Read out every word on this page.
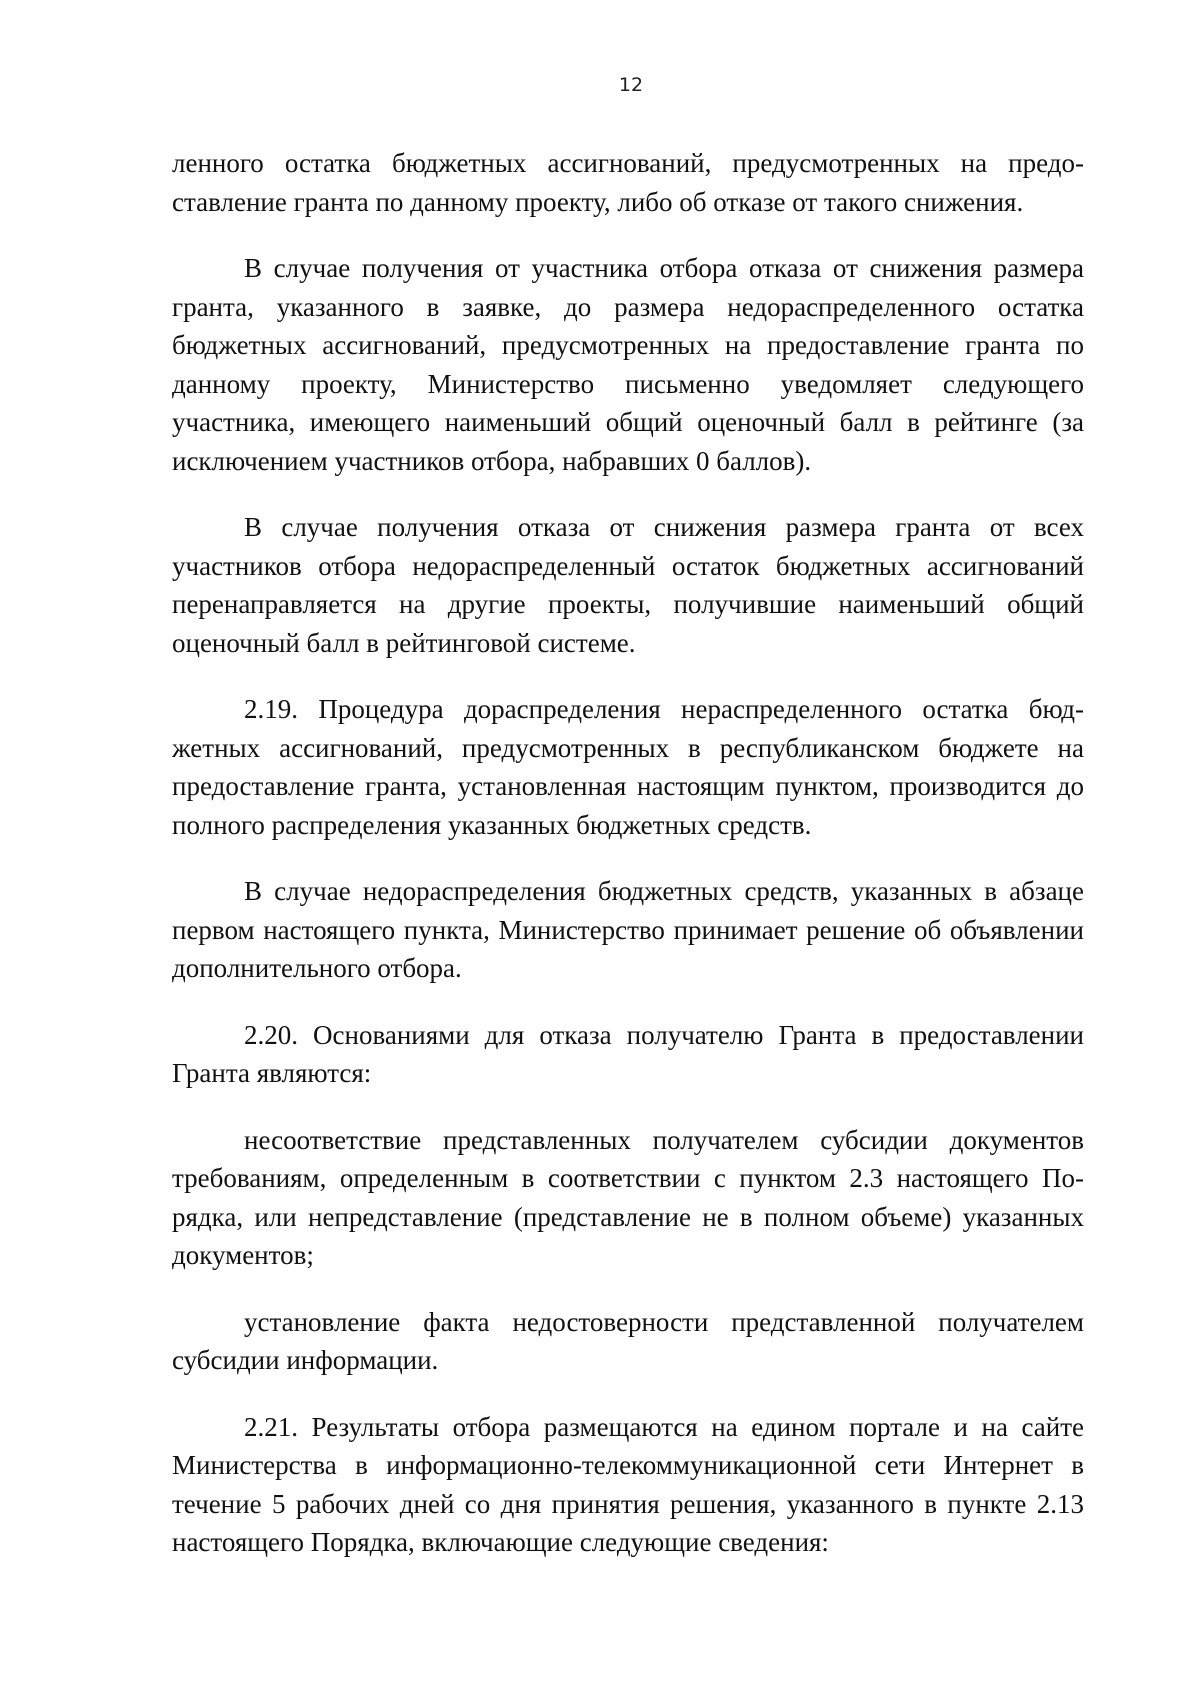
12

ленного остатка бюджетных ассигнований, предусмотренных на предоставление гранта по данному проекту, либо об отказе от такого снижения.

В случае получения от участника отбора отказа от снижения размера гранта, указанного в заявке, до размера недораспределенного остатка бюджетных ассигнований, предусмотренных на предоставление гранта по данному проекту, Министерство письменно уведомляет следующего участника, имеющего наименьший общий оценочный балл в рейтинге (за исключением участников отбора, набравших 0 баллов).

В случае получения отказа от снижения размера гранта от всех участников отбора недораспределенный остаток бюджетных ассигнований перенаправляется на другие проекты, получившие наименьший общий оценочный балл в рейтинговой системе.

2.19. Процедура дораспределения нераспределенного остатка бюджетных ассигнований, предусмотренных в республиканском бюджете на предоставление гранта, установленная настоящим пунктом, производится до полного распределения указанных бюджетных средств.

В случае недораспределения бюджетных средств, указанных в абзаце первом настоящего пункта, Министерство принимает решение об объявлении дополнительного отбора.

2.20. Основаниями для отказа получателю Гранта в предоставлении Гранта являются:

несоответствие представленных получателем субсидии документов требованиям, определенным в соответствии с пунктом 2.3 настоящего Порядка, или непредставление (представление не в полном объеме) указанных документов;

установление факта недостоверности представленной получателем субсидии информации.

2.21. Результаты отбора размещаются на едином портале и на сайте Министерства в информационно-телекоммуникационной сети Интернет в течение 5 рабочих дней со дня принятия решения, указанного в пункте 2.13 настоящего Порядка, включающие следующие сведения:
